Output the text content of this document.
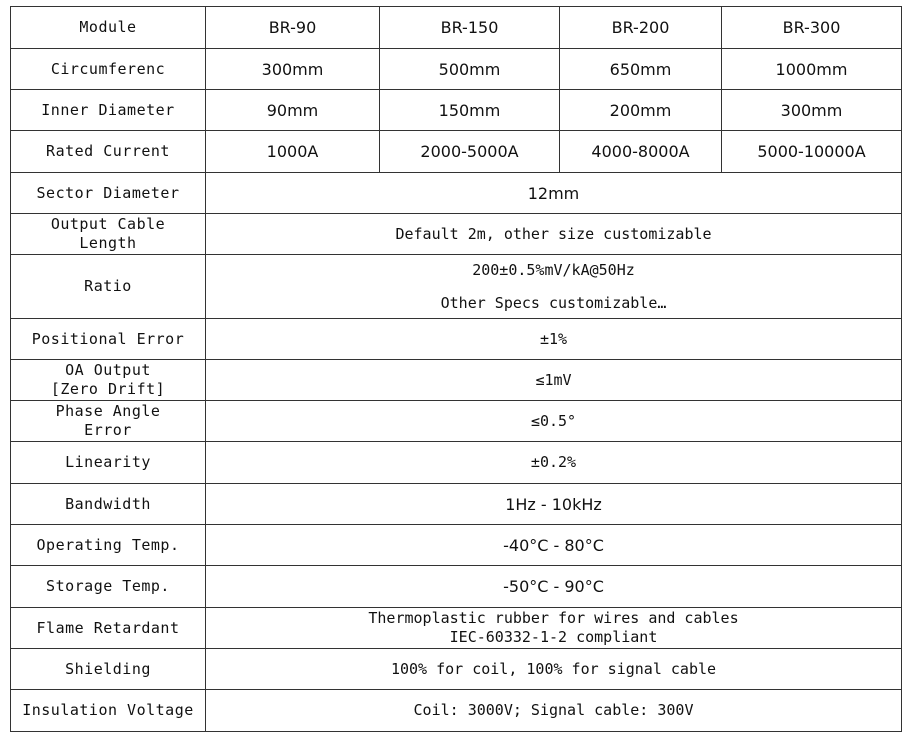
Module	BR-90	BR-150	BR-200	BR-300
Circumferenc	300mm	500mm	650mm	1000mm
Inner Diameter	90mm	150mm	200mm	300mm
Rated Current	1000A	2000-5000A	4000-8000A	5000-10000A
Sector Diameter	12mm			

Output Cable
Length	Default 2m, other size customizable			
Ratio	200±0.5%mV/kA@50Hz
Other Specs customizable…			

Positional Error	±1%			

OA Output
[Zero Drift]	≤1mV			

Phase Angle
Error	≤0.5°			
Linearity	±0.2%			
Bandwidth	1Hz - 10kHz			
Operating Temp.	-40°C - 80°C			
Storage Temp.	-50°C - 90°C			
Flame Retardant	Thermoplastic rubber for wires and cables
IEC-60332-1-2 compliant			

Shielding	100% for coil, 100% for signal cable			
Insulation Voltage	Coil: 3000V; Signal cable: 300V			
